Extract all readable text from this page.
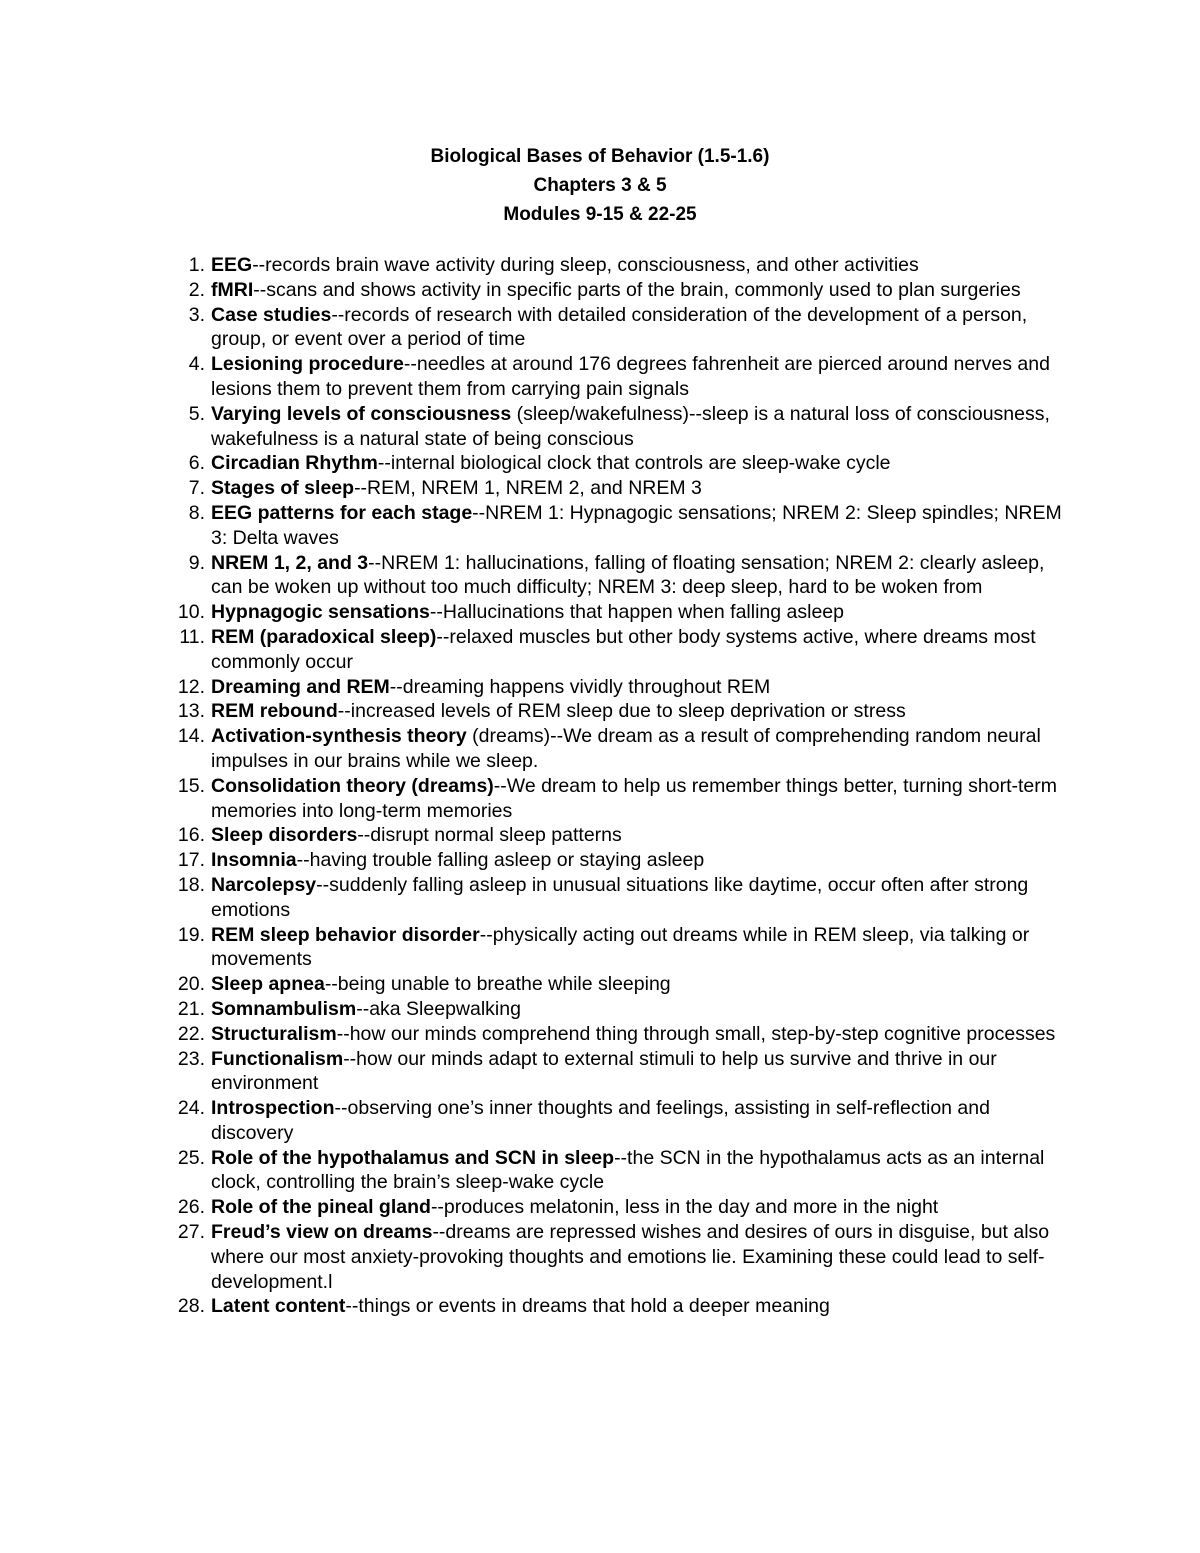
Biological Bases of Behavior (1.5-1.6)
Chapters 3 & 5
Modules 9-15 & 22-25
1. EEG--records brain wave activity during sleep, consciousness, and other activities
2. fMRI--scans and shows activity in specific parts of the brain, commonly used to plan surgeries
3. Case studies--records of research with detailed consideration of the development of a person, group, or event over a period of time
4. Lesioning procedure--needles at around 176 degrees fahrenheit are pierced around nerves and lesions them to prevent them from carrying pain signals
5. Varying levels of consciousness (sleep/wakefulness)--sleep is a natural loss of consciousness, wakefulness is a natural state of being conscious
6. Circadian Rhythm--internal biological clock that controls are sleep-wake cycle
7. Stages of sleep--REM, NREM 1, NREM 2, and NREM 3
8. EEG patterns for each stage--NREM 1: Hypnagogic sensations; NREM 2: Sleep spindles; NREM 3: Delta waves
9. NREM 1, 2, and 3--NREM 1: hallucinations, falling of floating sensation; NREM 2: clearly asleep, can be woken up without too much difficulty; NREM 3: deep sleep, hard to be woken from
10. Hypnagogic sensations--Hallucinations that happen when falling asleep
11. REM (paradoxical sleep)--relaxed muscles but other body systems active, where dreams most commonly occur
12. Dreaming and REM--dreaming happens vividly throughout REM
13. REM rebound--increased levels of REM sleep due to sleep deprivation or stress
14. Activation-synthesis theory (dreams)--We dream as a result of comprehending random neural impulses in our brains while we sleep.
15. Consolidation theory (dreams)--We dream to help us remember things better, turning short-term memories into long-term memories
16. Sleep disorders--disrupt normal sleep patterns
17. Insomnia--having trouble falling asleep or staying asleep
18. Narcolepsy--suddenly falling asleep in unusual situations like daytime, occur often after strong emotions
19. REM sleep behavior disorder--physically acting out dreams while in REM sleep, via talking or movements
20. Sleep apnea--being unable to breathe while sleeping
21. Somnambulism--aka Sleepwalking
22. Structuralism--how our minds comprehend thing through small, step-by-step cognitive processes
23. Functionalism--how our minds adapt to external stimuli to help us survive and thrive in our environment
24. Introspection--observing one’s inner thoughts and feelings, assisting in self-reflection and discovery
25. Role of the hypothalamus and SCN in sleep--the SCN in the hypothalamus acts as an internal clock, controlling the brain’s sleep-wake cycle
26. Role of the pineal gland--produces melatonin, less in the day and more in the night
27. Freud’s view on dreams--dreams are repressed wishes and desires of ours in disguise, but also where our most anxiety-provoking thoughts and emotions lie. Examining these could lead to self-development.l
28. Latent content--things or events in dreams that hold a deeper meaning
